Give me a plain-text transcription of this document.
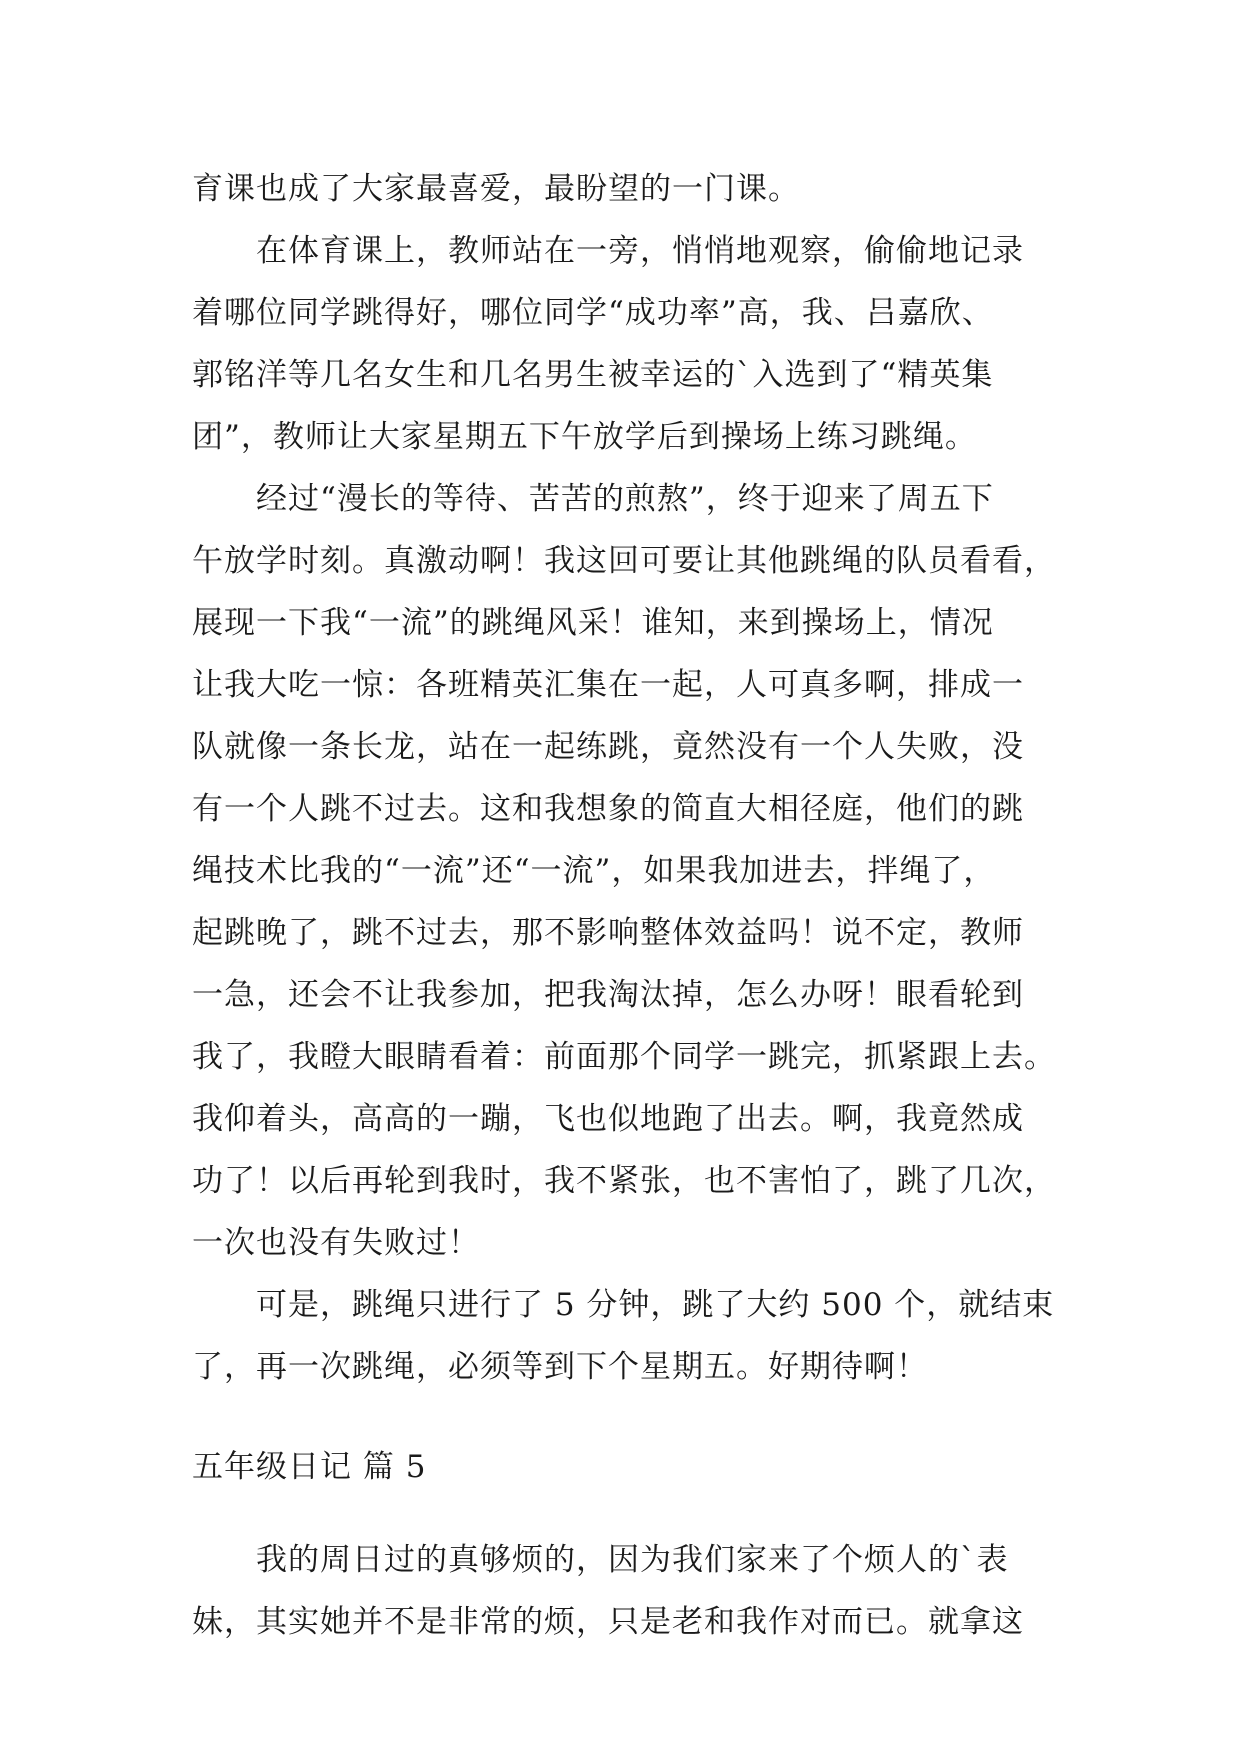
育课也成了大家最喜爱，最盼望的一门课。

在体育课上，教师站在一旁，悄悄地观察，偷偷地记录

着哪位同学跳得好，哪位同学“成功率”高，我、吕嘉欣、

郭铭洋等几名女生和几名男生被幸运的`入选到了“精英集

团”，教师让大家星期五下午放学后到操场上练习跳绳。

经过“漫长的等待、苦苦的煎熬”，终于迎来了周五下

午放学时刻。真激动啊！我这回可要让其他跳绳的队员看看，

展现一下我“一流”的跳绳风采！谁知，来到操场上，情况

让我大吃一惊：各班精英汇集在一起，人可真多啊，排成一

队就像一条长龙，站在一起练跳，竟然没有一个人失败，没

有一个人跳不过去。这和我想象的简直大相径庭，他们的跳

绳技术比我的“一流”还“一流”，如果我加进去，拌绳了，

起跳晚了，跳不过去，那不影响整体效益吗！说不定，教师

一急，还会不让我参加，把我淘汰掉，怎么办呀！眼看轮到

我了，我瞪大眼睛看着：前面那个同学一跳完，抓紧跟上去。

我仰着头，高高的一蹦，飞也似地跑了出去。啊，我竟然成

功了！以后再轮到我时，我不紧张，也不害怕了，跳了几次，

一次也没有失败过！

可是，跳绳只进行了 5 分钟，跳了大约 500 个，就结束

了，再一次跳绳，必须等到下个星期五。好期待啊！

五年级日记 篇 5

我的周日过的真够烦的，因为我们家来了个烦人的`表

妹，其实她并不是非常的烦，只是老和我作对而已。就拿这
